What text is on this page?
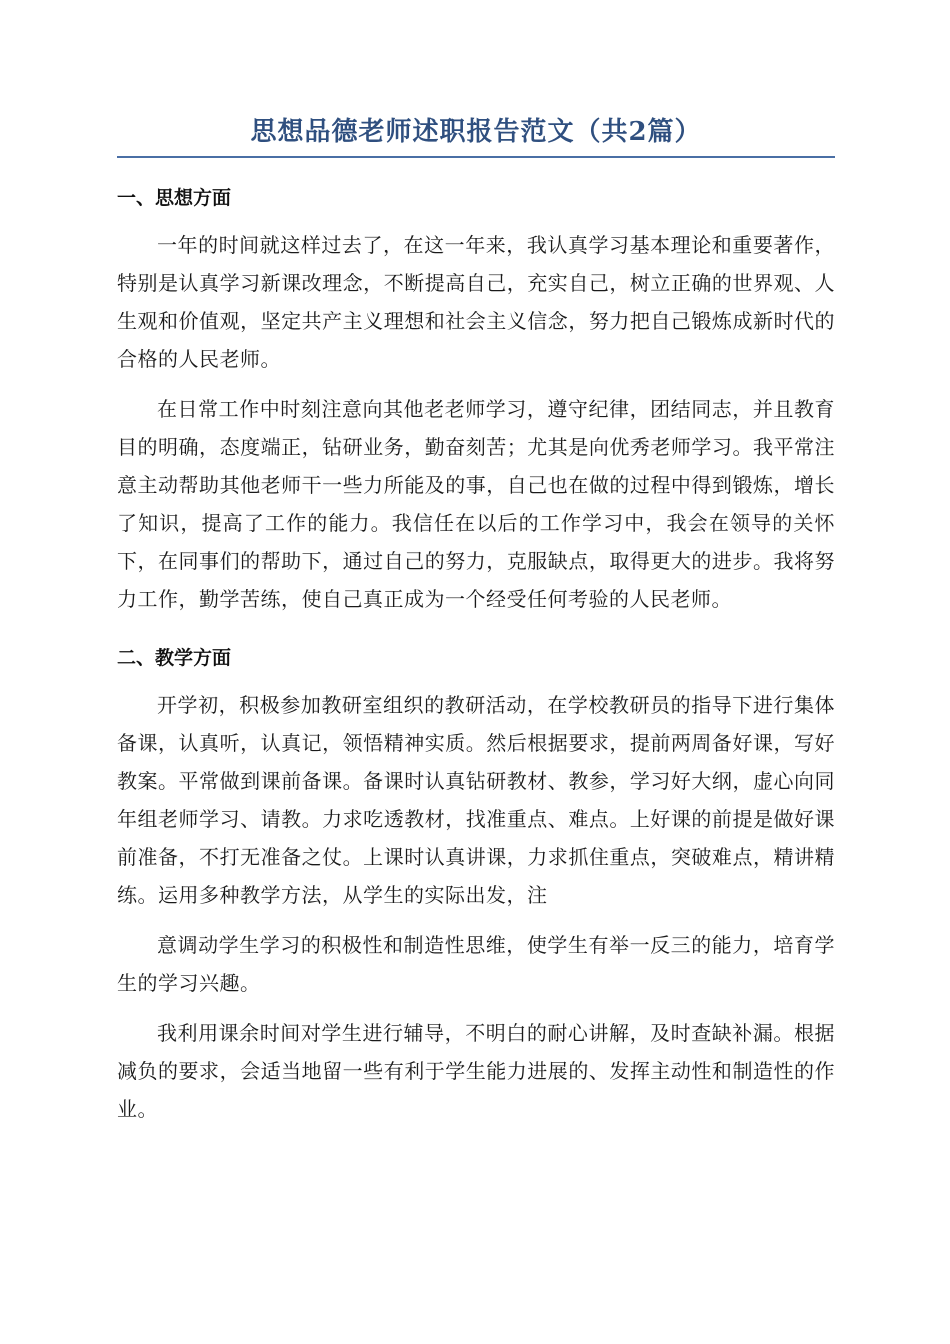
思想品德老师述职报告范文（共2篇）
一、思想方面

一年的时间就这样过去了，在这一年来，我认真学习基本理论和重要著作，特别是认真学习新课改理念，不断提高自己，充实自己，树立正确的世界观、人生观和价值观，坚定共产主义理想和社会主义信念，努力把自己锻炼成新时代的合格的人民老师。

在日常工作中时刻注意向其他老老师学习，遵守纪律，团结同志，并且教育目的明确，态度端正，钻研业务，勤奋刻苦；尤其是向优秀老师学习。我平常注意主动帮助其他老师干一些力所能及的事，自己也在做的过程中得到锻炼，增长了知识，提高了工作的能力。我信任在以后的工作学习中，我会在领导的关怀下，在同事们的帮助下，通过自己的努力，克服缺点，取得更大的进步。我将努力工作，勤学苦练，使自己真正成为一个经受任何考验的人民老师。

二、教学方面

开学初，积极参加教研室组织的教研活动，在学校教研员的指导下进行集体备课，认真听，认真记，领悟精神实质。然后根据要求，提前两周备好课，写好教案。平常做到课前备课。备课时认真钻研教材、教参，学习好大纲，虚心向同年组老师学习、请教。力求吃透教材，找准重点、难点。上好课的前提是做好课前准备，不打无准备之仗。上课时认真讲课，力求抓住重点，突破难点，精讲精练。运用多种教学方法，从学生的实际出发，注

意调动学生学习的积极性和制造性思维，使学生有举一反三的能力，培育学生的学习兴趣。

我利用课余时间对学生进行辅导，不明白的耐心讲解，及时查缺补漏。根据减负的要求，会适当地留一些有利于学生能力进展的、发挥主动性和制造性的作业。
